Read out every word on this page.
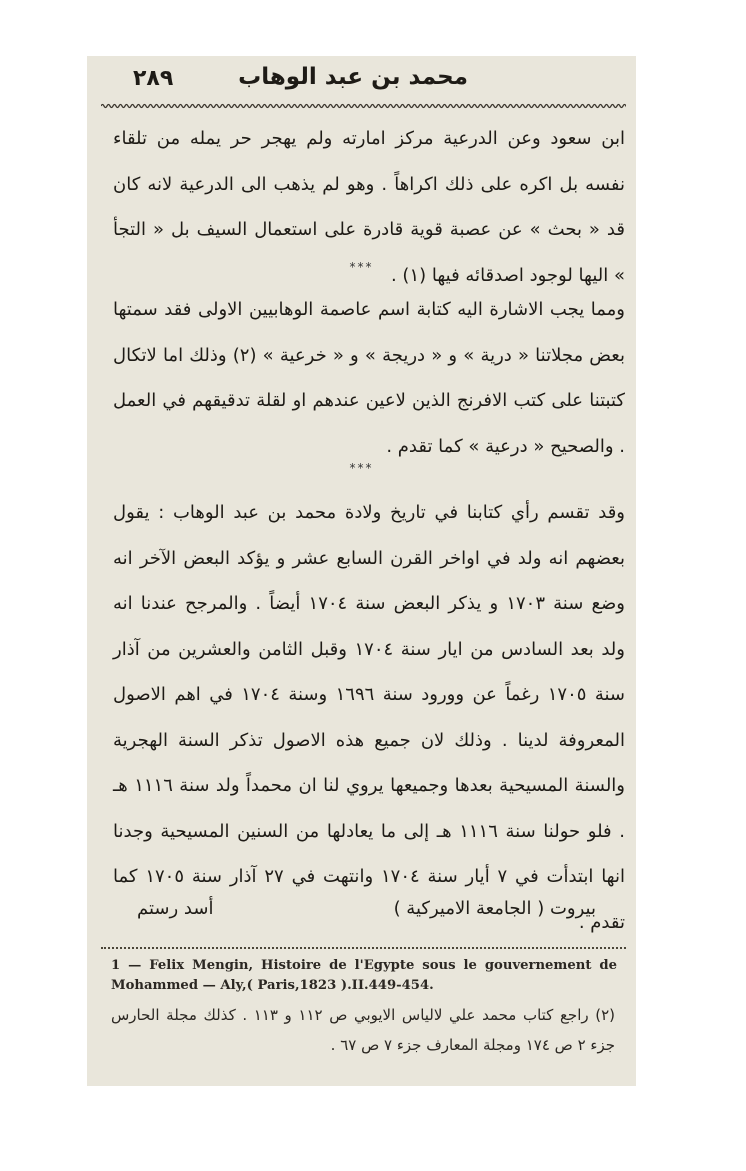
٢٨٩	محمد بن عبد الوهاب
ابن سعود وعن الدرعية مركز امارته ولم يهجر حر يمله من تلقاء نفسه بل اكره على ذلك اكراهاً . وهو لم يذهب الى الدرعية لانه كان قد « بحث » عن عصبة قوية قادرة على استعمال السيف بل « التجأ » اليها لوجود اصدقائه فيها (١) .
***
ومما يجب الاشارة اليه كتابة اسم عاصمة الوهابيين الاولى فقد سمتها بعض مجلاتنا « درية » و « دريجة » و « خرعية » (٢) وذلك اما لاتكال كتبتنا على كتب الافرنج الذين لاعين عندهم او لقلة تدقيقهم في العمل . والصحيح « درعية » كما تقدم .
***
وقد تقسم رأي كتابنا في تاريخ ولادة محمد بن عبد الوهاب : يقول بعضهم انه ولد في اواخر القرن السابع عشر و يؤكد البعض الآخر انه وضع سنة ١٧٠٣ و يذكر البعض سنة ١٧٠٤ أيضاً . والمرجح عندنا انه ولد بعد السادس من ايار سنة ١٧٠٤ وقبل الثامن والعشرين من آذار سنة ١٧٠٥ رغماً عن وورود سنة ١٦٩٦ وسنة ١٧٠٤ في اهم الاصول المعروفة لدينا . وذلك لان جميع هذه الاصول تذكر السنة الهجرية والسنة المسيحية بعدها وجميعها يروي لنا ان محمداً ولد سنة ١١١٦ هـ . فلو حولنا سنة ١١١٦ هـ إلى ما يعادلها من السنين المسيحية وجدنا انها ابتدأت في ٧ أيار سنة ١٧٠٤ وانتهت في ٢٧ آذار سنة ١٧٠٥ كما تقدم .
بيروت ( الجامعة الاميركية )
أسد رستم
1 — Felix Mengin, Histoire de l'Egypte sous le gouvernement de Mohammed — Aly,( Paris,1823 ).II.449-454.
(٢) راجع كتاب محمد علي لالياس الايوبي ص ١١٢ و ١١٣ . كذلك مجلة الحارس جزء ٢ ص ١٧٤ ومجلة المعارف جزء ٧ ص ٦٧ .
